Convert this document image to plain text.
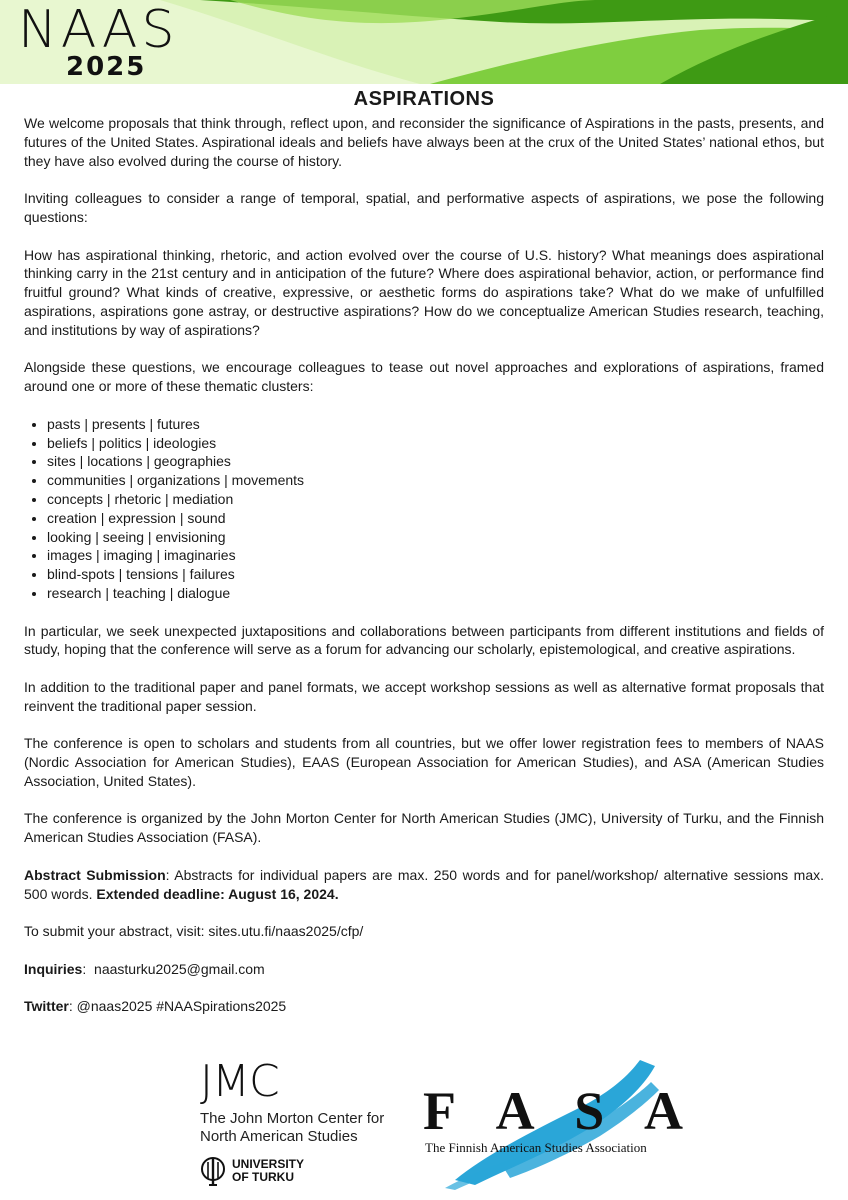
NAAS
2025
ASPIRATIONS

We welcome proposals that think through, reflect upon, and reconsider the significance of Aspirations in the pasts, presents, and futures of the United States. Aspirational ideals and beliefs have always been at the crux of the United States’ national ethos, but they have also evolved during the course of history.

Inviting colleagues to consider a range of temporal, spatial, and performative aspects of aspirations, we pose the following questions:

How has aspirational thinking, rhetoric, and action evolved over the course of U.S. history? What meanings does aspirational thinking carry in the 21st century and in anticipation of the future? Where does aspirational behavior, action, or performance find fruitful ground? What kinds of creative, expressive, or aesthetic forms do aspirations take? What do we make of unfulfilled aspirations, aspirations gone astray, or destructive aspirations? How do we conceptualize American Studies research, teaching, and institutions by way of aspirations?

Alongside these questions, we encourage colleagues to tease out novel approaches and explorations of aspirations, framed around one or more of these thematic clusters:

• pasts | presents | futures
• beliefs | politics | ideologies
• sites | locations | geographies
• communities | organizations | movements
• concepts | rhetoric | mediation
• creation | expression | sound
• looking | seeing | envisioning
• images | imaging | imaginaries
• blind-spots | tensions | failures
• research | teaching | dialogue

In particular, we seek unexpected juxtapositions and collaborations between participants from different institutions and fields of study, hoping that the conference will serve as a forum for advancing our scholarly, epistemological, and creative aspirations.

In addition to the traditional paper and panel formats, we accept workshop sessions as well as alternative format proposals that reinvent the traditional paper session.

The conference is open to scholars and students from all countries, but we offer lower registration fees to members of NAAS (Nordic Association for American Studies), EAAS (European Association for American Studies), and ASA (American Studies Association, United States).

The conference is organized by the John Morton Center for North American Studies (JMC), University of Turku, and the Finnish American Studies Association (FASA).

Abstract Submission: Abstracts for individual papers are max. 250 words and for panel/workshop/ alternative sessions max. 500 words. Extended deadline: August 16, 2024.

To submit your abstract, visit: sites.utu.fi/naas2025/cfp/

Inquiries:  naasturku2025@gmail.com

Twitter: @naas2025 #NAASpirations2025

JMC
The John Morton Center for
North American Studies
UNIVERSITY
OF TURKU
F A S A
The Finnish American Studies Association
